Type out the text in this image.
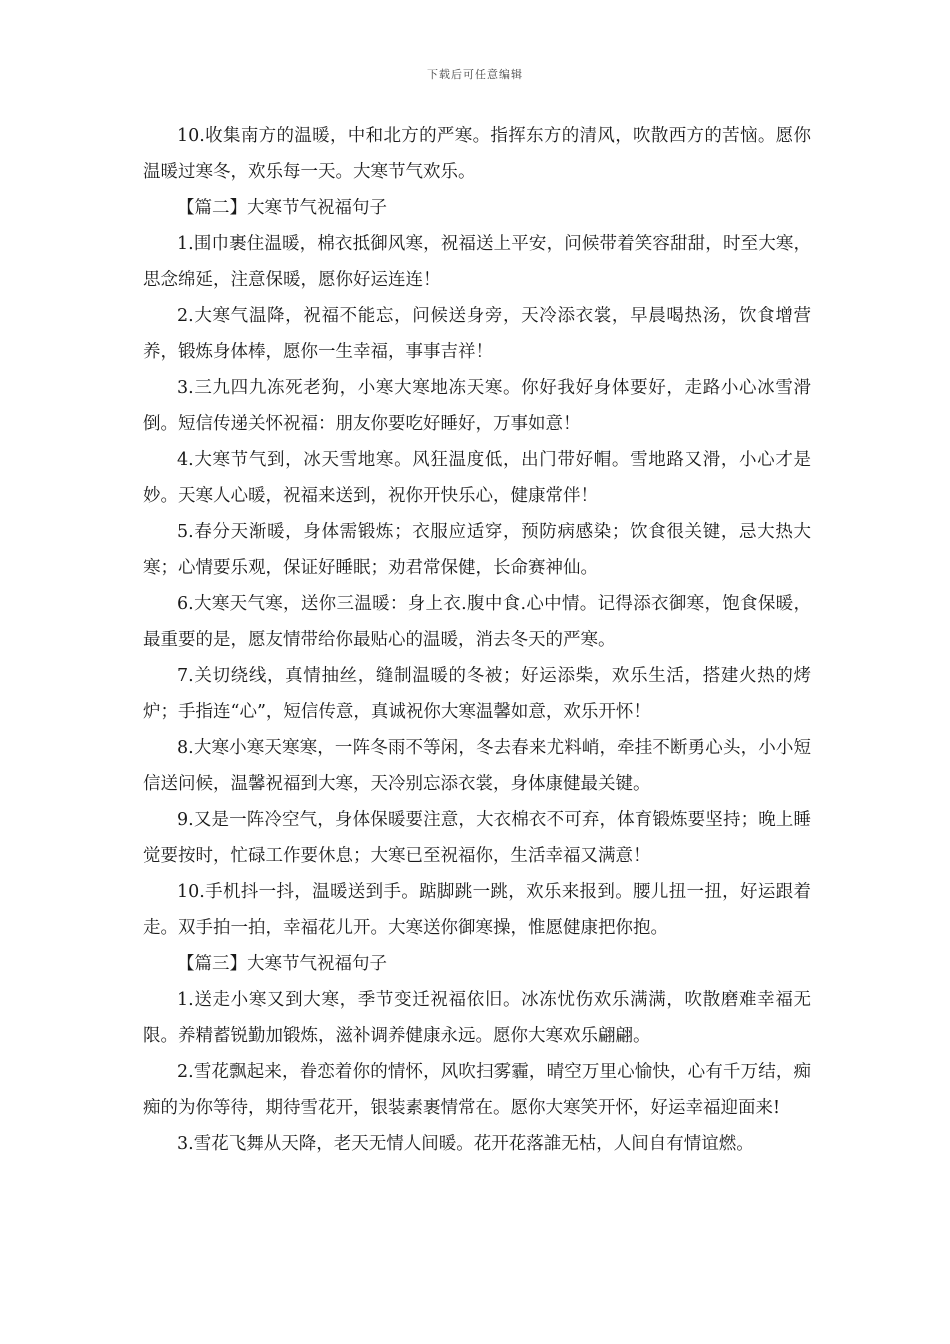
下载后可任意编辑

10.收集南方的温暖，中和北方的严寒。指挥东方的清风，吹散西方的苦恼。愿你温暖过寒冬，欢乐每一天。大寒节气欢乐。

【篇二】大寒节气祝福句子

1.围巾裹住温暖，棉衣抵御风寒，祝福送上平安，问候带着笑容甜甜，时至大寒，思念绵延，注意保暖，愿你好运连连！

2.大寒气温降，祝福不能忘，问候送身旁，天冷添衣裳，早晨喝热汤，饮食增营养，锻炼身体棒，愿你一生幸福，事事吉祥！

3.三九四九冻死老狗，小寒大寒地冻天寒。你好我好身体要好，走路小心冰雪滑倒。短信传递关怀祝福：朋友你要吃好睡好，万事如意！

4.大寒节气到，冰天雪地寒。风狂温度低，出门带好帽。雪地路又滑，小心才是妙。天寒人心暖，祝福来送到，祝你开快乐心，健康常伴！

5.春分天渐暖，身体需锻炼；衣服应适穿，预防病感染；饮食很关键，忌大热大寒；心情要乐观，保证好睡眠；劝君常保健，长命赛神仙。

6.大寒天气寒，送你三温暖：身上衣.腹中食.心中情。记得添衣御寒，饱食保暖，最重要的是，愿友情带给你最贴心的温暖，消去冬天的严寒。

7.关切绕线，真情抽丝，缝制温暖的冬被；好运添柴，欢乐生活，搭建火热的烤炉；手指连“心”，短信传意，真诚祝你大寒温馨如意，欢乐开怀！

8.大寒小寒天寒寒，一阵冬雨不等闲，冬去春来尤料峭，牵挂不断勇心头，小小短信送问候，温馨祝福到大寒，天冷别忘添衣裳，身体康健最关键。

9.又是一阵冷空气，身体保暖要注意，大衣棉衣不可弃，体育锻炼要坚持；晚上睡觉要按时，忙碌工作要休息；大寒已至祝福你，生活幸福又满意！

10.手机抖一抖，温暖送到手。踮脚跳一跳，欢乐来报到。腰儿扭一扭，好运跟着走。双手拍一拍，幸福花儿开。大寒送你御寒操，惟愿健康把你抱。

【篇三】大寒节气祝福句子

1.送走小寒又到大寒，季节变迁祝福依旧。冰冻忧伤欢乐满满，吹散磨难幸福无限。养精蓄锐勤加锻炼，滋补调养健康永远。愿你大寒欢乐翩翩。

2.雪花飘起来，眷恋着你的情怀，风吹扫雾霾，晴空万里心愉快，心有千万结，痴痴的为你等待，期待雪花开，银装素裹情常在。愿你大寒笑开怀，好运幸福迎面来!

3.雪花飞舞从天降，老天无情人间暖。花开花落誰无枯，人间自有情谊燃。
